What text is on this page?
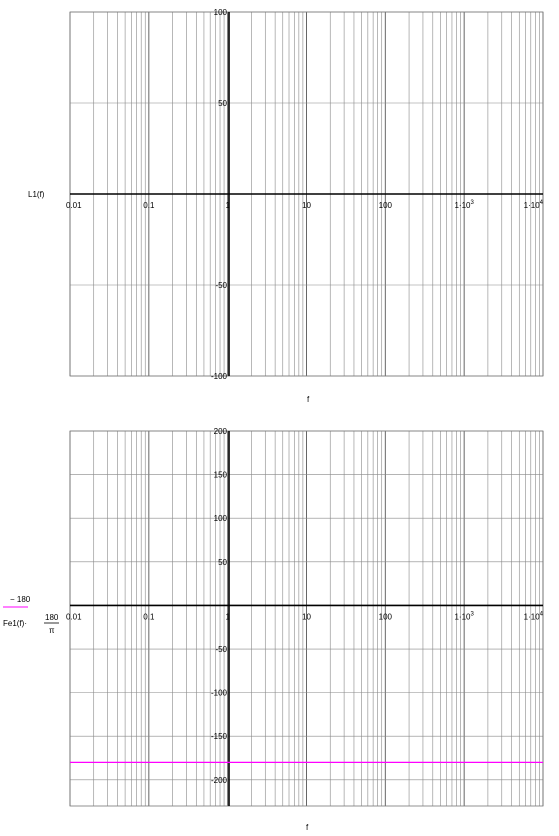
100
50
-50
-100
0.01	0.1	1	10	100	$1\cdot 10^3$	$1\cdot 10^4$
200
150
100
50
-50
-100
-150
-200
0.01	0.1	1	10	100	$1\cdot 10^3$	$1\cdot 10^4$
L1(f)
f
− 180
Fe1(f)·
180
π
f
